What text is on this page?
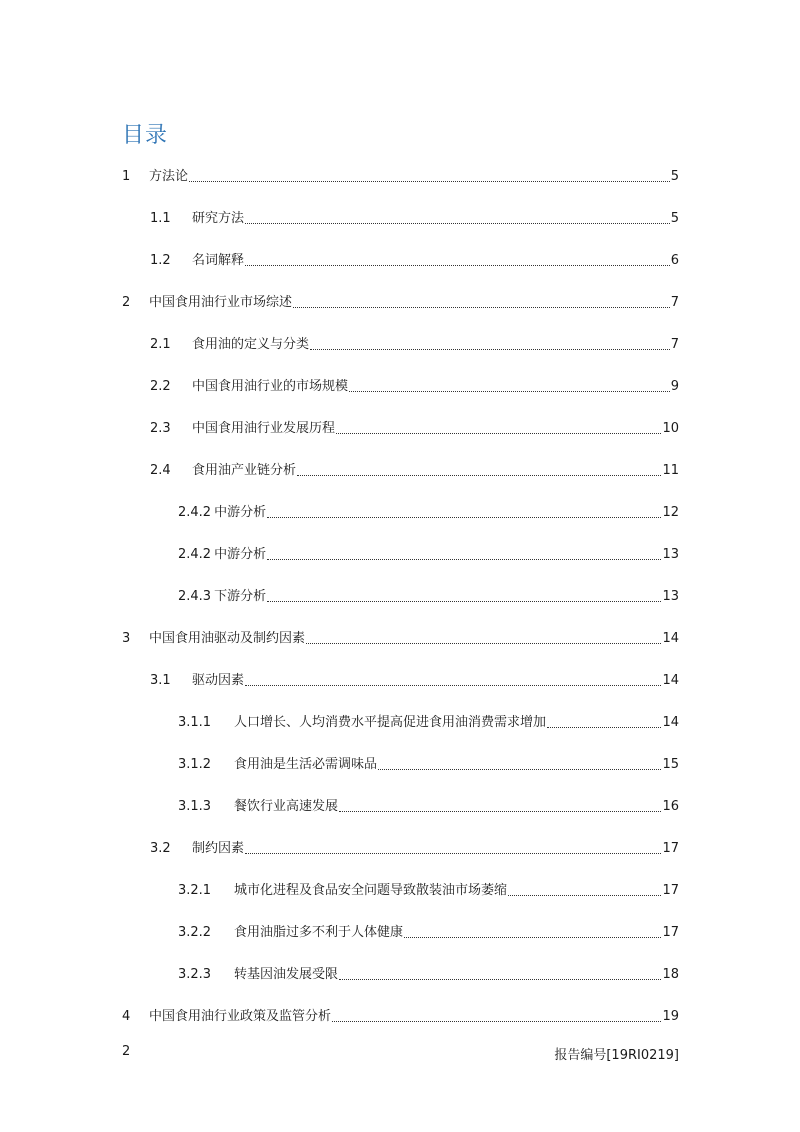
目录
1	方法论	5
1.1	研究方法	5
1.2	名词解释	6
2	中国食用油行业市场综述	7
2.1	食用油的定义与分类	7
2.2	中国食用油行业的市场规模	9
2.3	中国食用油行业发展历程	10
2.4	食用油产业链分析	11
2.4.2 中游分析	12
2.4.2 中游分析	13
2.4.3 下游分析	13
3	中国食用油驱动及制约因素	14
3.1	驱动因素	14
3.1.1	人口增长、人均消费水平提高促进食用油消费需求增加	14
3.1.2	食用油是生活必需调味品	15
3.1.3	餐饮行业高速发展	16
3.2	制约因素	17
3.2.1	城市化进程及食品安全问题导致散装油市场萎缩	17
3.2.2	食用油脂过多不利于人体健康	17
3.2.3	转基因油发展受限	18
4	中国食用油行业政策及监管分析	19
2	报告编号[19RI0219]
